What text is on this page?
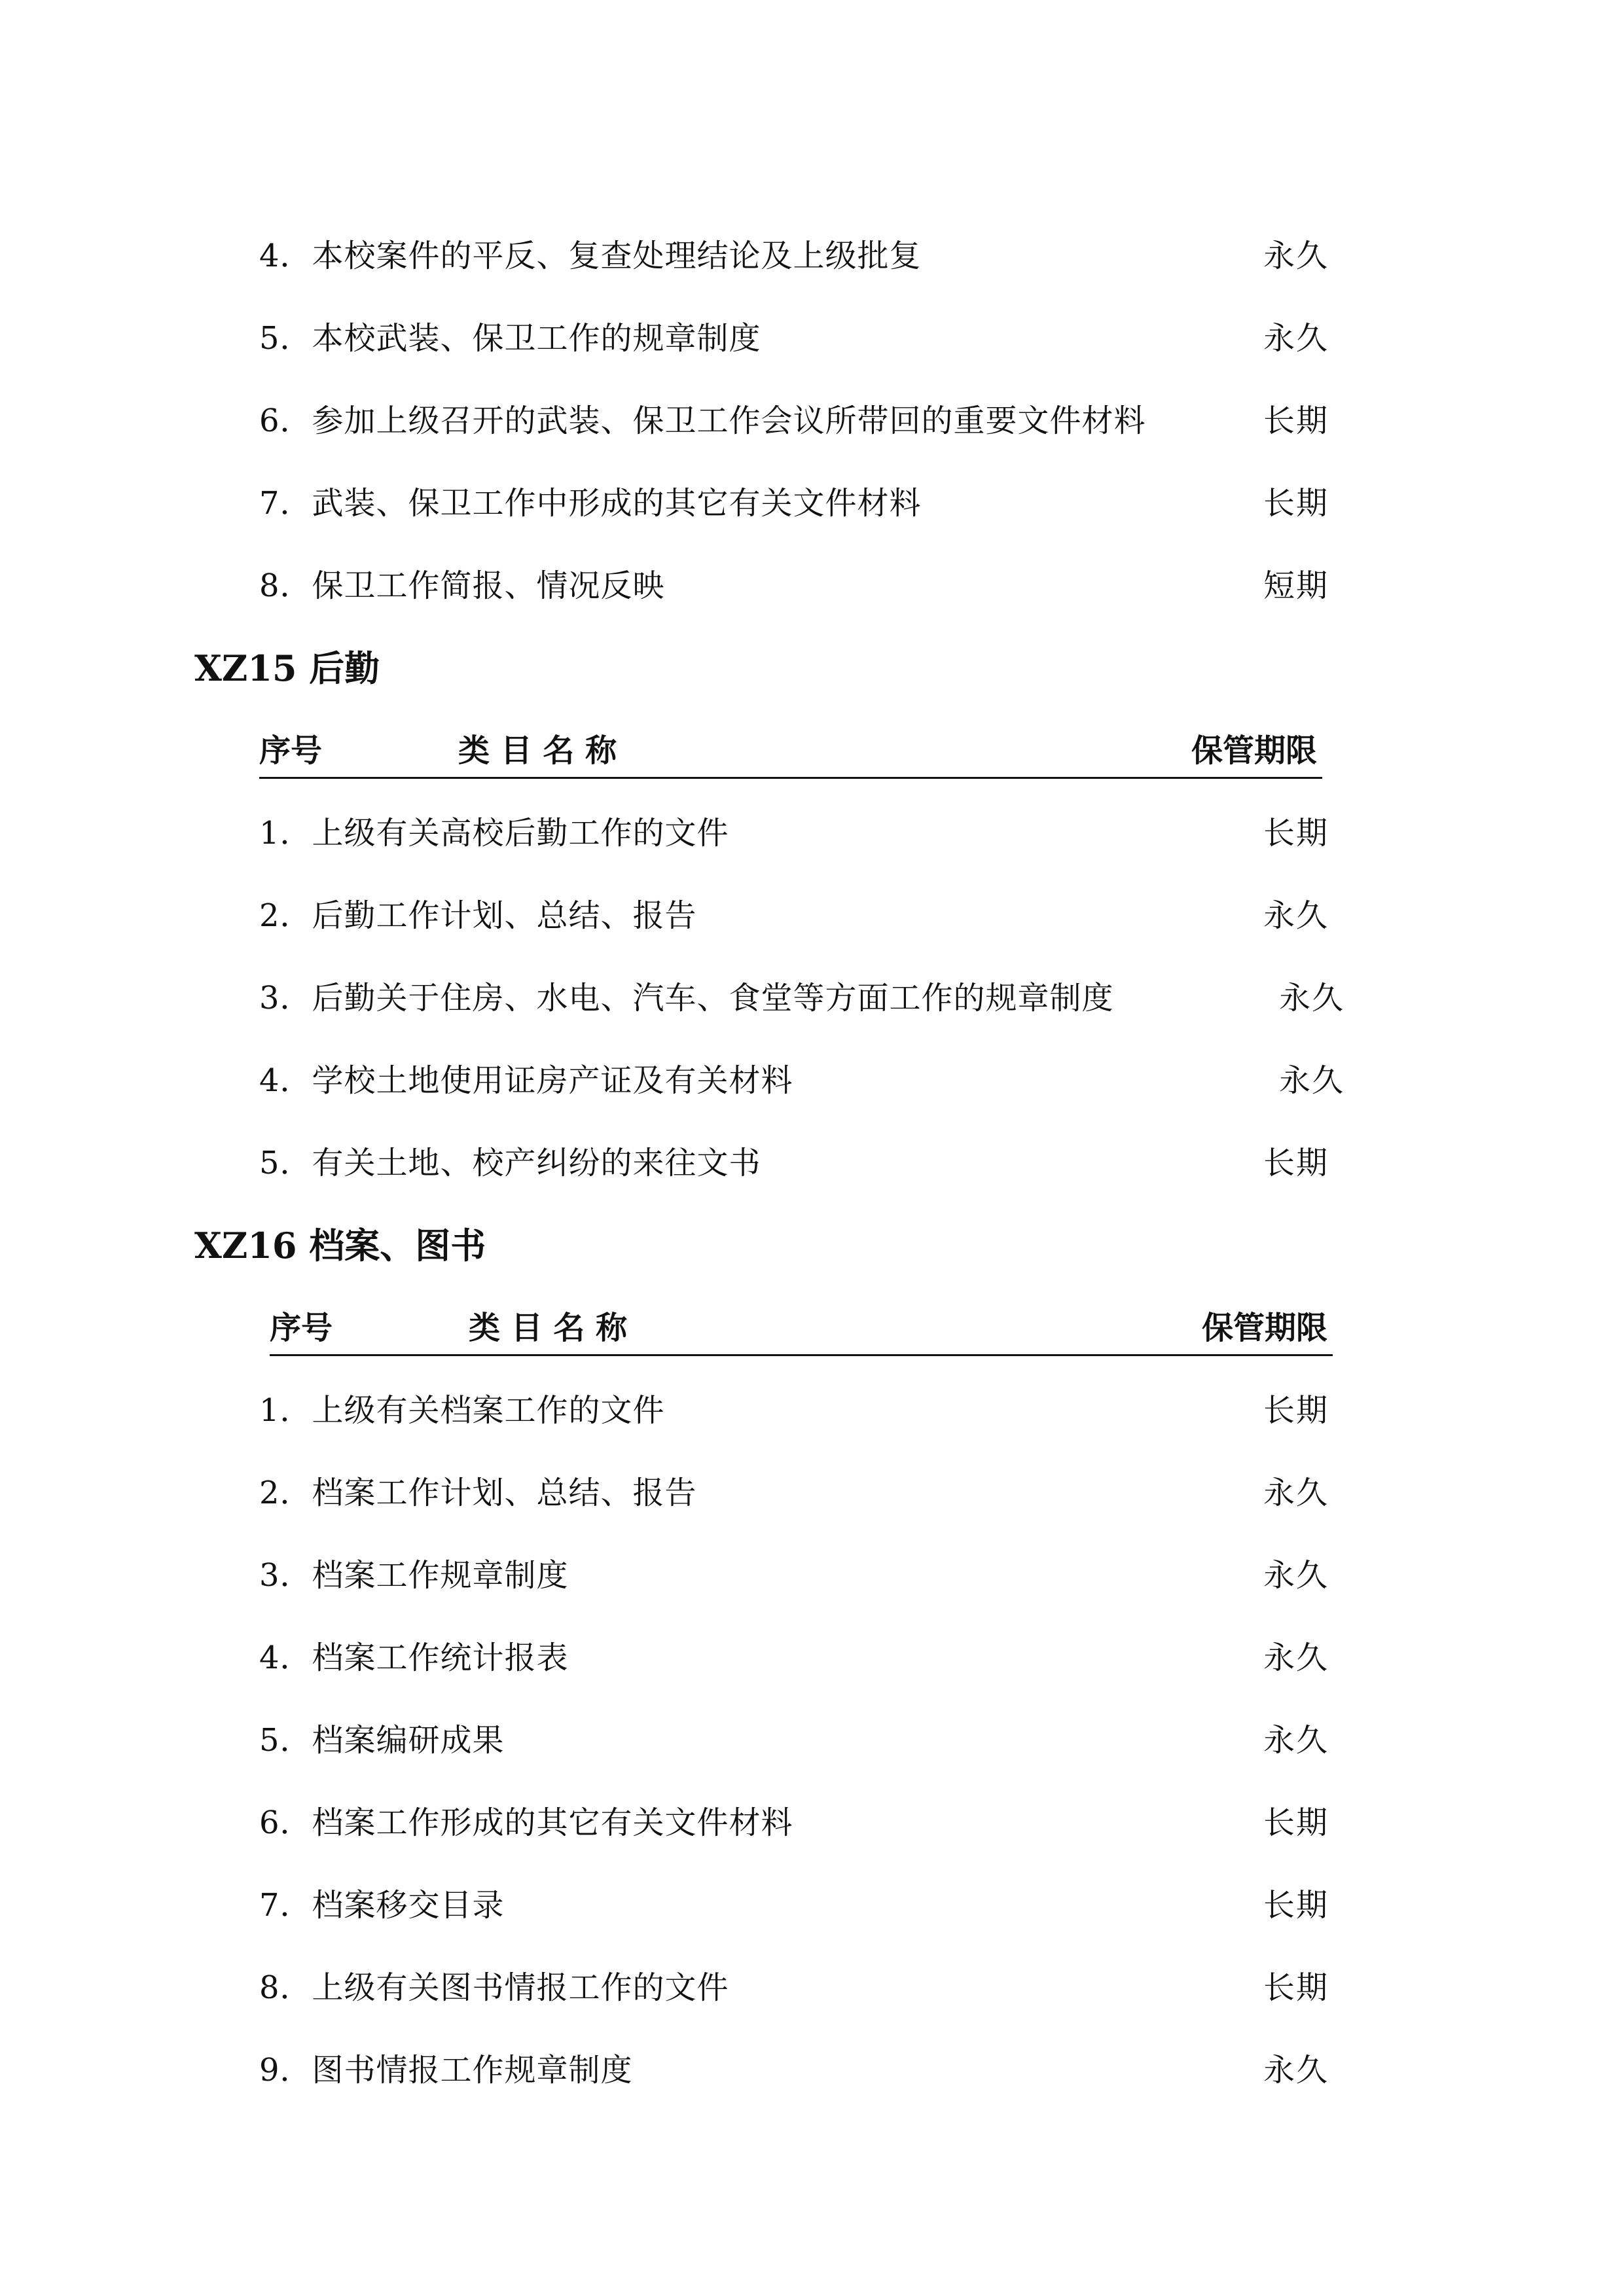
4．本校案件的平反、复查处理结论及上级批复	永久
5．本校武装、保卫工作的规章制度	永久
6．参加上级召开的武装、保卫工作会议所带回的重要文件材料	长期
7．武装、保卫工作中形成的其它有关文件材料	长期
8．保卫工作简报、情况反映	短期
XZ15 后勤
序号	类 目 名 称	保管期限
1．上级有关高校后勤工作的文件	长期
2．后勤工作计划、总结、报告	永久
3．后勤关于住房、水电、汽车、食堂等方面工作的规章制度	永久
4．学校土地使用证房产证及有关材料	永久
5．有关土地、校产纠纷的来往文书	长期
XZ16 档案、图书
序号	类 目 名 称	保管期限
1．上级有关档案工作的文件	长期
2．档案工作计划、总结、报告	永久
3．档案工作规章制度	永久
4．档案工作统计报表	永久
5．档案编研成果	永久
6．档案工作形成的其它有关文件材料	长期
7．档案移交目录	长期
8．上级有关图书情报工作的文件	长期
9．图书情报工作规章制度	永久
